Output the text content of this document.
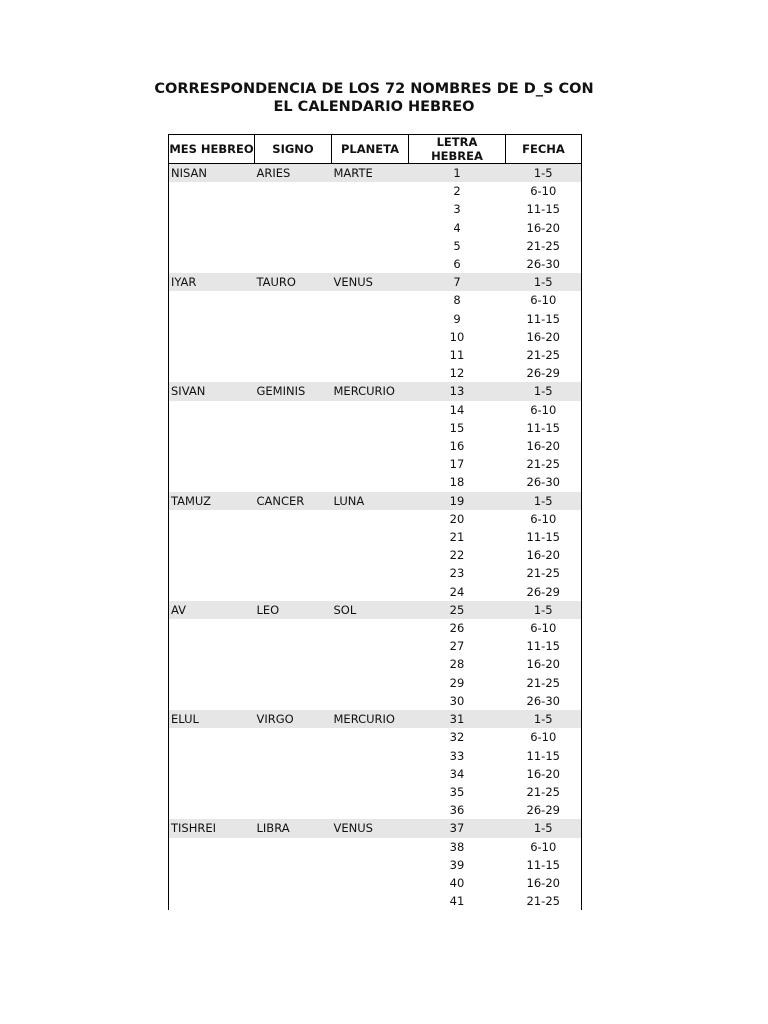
CORRESPONDENCIA DE LOS 72 NOMBRES DE D_S CON
EL CALENDARIO HEBREO
MES HEBREO	SIGNO	PLANETA	LETRA HEBREA	FECHA
NISAN	ARIES	MARTE	1	1-5
			2	6-10
			3	11-15
			4	16-20
			5	21-25
			6	26-30
IYAR	TAURO	VENUS	7	1-5
			8	6-10
			9	11-15
			10	16-20
			11	21-25
			12	26-29
SIVAN	GEMINIS	MERCURIO	13	1-5
			14	6-10
			15	11-15
			16	16-20
			17	21-25
			18	26-30
TAMUZ	CANCER	LUNA	19	1-5
			20	6-10
			21	11-15
			22	16-20
			23	21-25
			24	26-29
AV	LEO	SOL	25	1-5
			26	6-10
			27	11-15
			28	16-20
			29	21-25
			30	26-30
ELUL	VIRGO	MERCURIO	31	1-5
			32	6-10
			33	11-15
			34	16-20
			35	21-25
			36	26-29
TISHREI	LIBRA	VENUS	37	1-5
			38	6-10
			39	11-15
			40	16-20
			41	21-25
